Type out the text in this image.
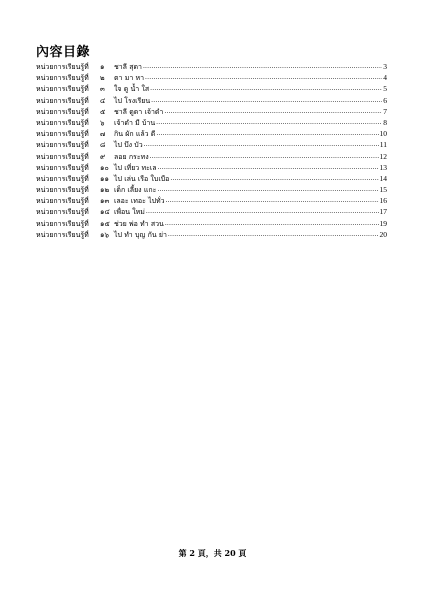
內容目錄
หน่วยการเรียนรู้ที่	๑	ชาลี สุดา .....	3
หน่วยการเรียนรู้ที่	๒	ตา มา หา .....	4
หน่วยการเรียนรู้ที่	๓	ใจ ดู น้ำ ใส .....	5
หน่วยการเรียนรู้ที่	๔	ไป โรงเรียน .....	6
หน่วยการเรียนรู้ที่	๕	ชาลี ดูดา เจ้าดำ .....	7
หน่วยการเรียนรู้ที่	๖	เจ้าดำ มี บ้าน .....	8
หน่วยการเรียนรู้ที่	๗	กิน ผัก แล้ว ดี .....	10
หน่วยการเรียนรู้ที่	๘	ไป บึง บัว .....	11
หน่วยการเรียนรู้ที่	๙	ลอย กระทง .....	12
หน่วยการเรียนรู้ที่	๑๐ ไป เที่ยว ทะเล .....	13
หน่วยการเรียนรู้ที่	๑๑ ไป เล่น เรือ ใบเบือ .....	14
หน่วยการเรียนรู้ที่	๑๒ เด็ก เลี้ยง แกะ .....	15
หน่วยการเรียนรู้ที่	๑๓ เลอะ เทอะ ไปทั่ว .....	16
หน่วยการเรียนรู้ที่	๑๔ เพื่อน ใหม่ .....	17
หน่วยการเรียนรู้ที่	๑๕ ช่วย พ่อ ทำ สวน .....	19
หน่วยการเรียนรู้ที่	๑๖ ไป ทำ บุญ กัน ย่า .....	20
第 2 頁，共 20 頁
